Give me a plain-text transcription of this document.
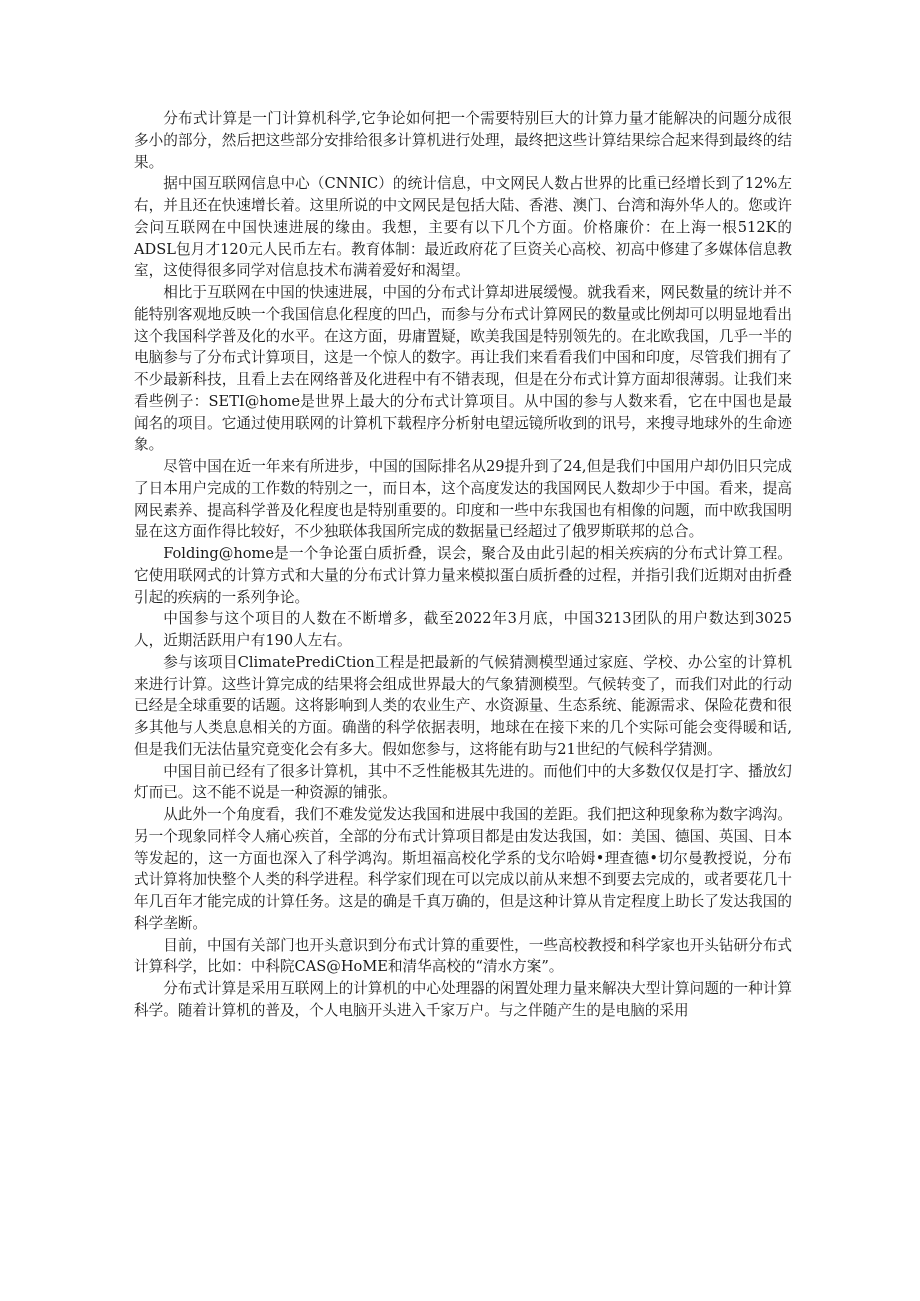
分布式计算是一门计算机科学,它争论如何把一个需要特别巨大的计算力量才能解决的问题分成很多小的部分，然后把这些部分安排给很多计算机进行处理，最终把这些计算结果综合起来得到最终的结果。

据中国互联网信息中心（CNNIC）的统计信息，中文网民人数占世界的比重已经增长到了12%左右，并且还在快速增长着。这里所说的中文网民是包括大陆、香港、澳门、台湾和海外华人的。您或许会问互联网在中国快速进展的缘由。我想，主要有以下几个方面。价格廉价：在上海一根512K的ADSL包月才120元人民币左右。教育体制：最近政府花了巨资关心高校、初高中修建了多媒体信息教室，这使得很多同学对信息技术布满着爱好和渴望。

相比于互联网在中国的快速进展，中国的分布式计算却进展缓慢。就我看来，网民数量的统计并不能特别客观地反映一个我国信息化程度的凹凸，而参与分布式计算网民的数量或比例却可以明显地看出这个我国科学普及化的水平。在这方面，毋庸置疑，欧美我国是特别领先的。在北欧我国，几乎一半的电脑参与了分布式计算项目，这是一个惊人的数字。再让我们来看看我们中国和印度，尽管我们拥有了不少最新科技，且看上去在网络普及化进程中有不错表现，但是在分布式计算方面却很薄弱。让我们来看些例子：SETI@home是世界上最大的分布式计算项目。从中国的参与人数来看，它在中国也是最闻名的项目。它通过使用联网的计算机下载程序分析射电望远镜所收到的讯号，来搜寻地球外的生命迹象。

尽管中国在近一年来有所进步，中国的国际排名从29提升到了24,但是我们中国用户却仍旧只完成了日本用户完成的工作数的特别之一，而日本，这个高度发达的我国网民人数却少于中国。看来，提高网民素养、提高科学普及化程度也是特别重要的。印度和一些中东我国也有相像的问题，而中欧我国明显在这方面作得比较好，不少独联体我国所完成的数据量已经超过了俄罗斯联邦的总合。

Folding@home是一个争论蛋白质折叠，误会，聚合及由此引起的相关疾病的分布式计算工程。它使用联网式的计算方式和大量的分布式计算力量来模拟蛋白质折叠的过程，并指引我们近期对由折叠引起的疾病的一系列争论。

中国参与这个项目的人数在不断增多，截至2022年3月底，中国3213团队的用户数达到3025人，近期活跃用户有190人左右。

参与该项目ClimatePrediCtion工程是把最新的气候猜测模型通过家庭、学校、办公室的计算机来进行计算。这些计算完成的结果将会组成世界最大的气象猜测模型。气候转变了，而我们对此的行动已经是全球重要的话题。这将影响到人类的农业生产、水资源量、生态系统、能源需求、保险花费和很多其他与人类息息相关的方面。确凿的科学依据表明，地球在在接下来的几个实际可能会变得暖和话,但是我们无法估量究竟变化会有多大。假如您参与，这将能有助与21世纪的气候科学猜测。

中国目前已经有了很多计算机，其中不乏性能极其先进的。而他们中的大多数仅仅是打字、播放幻灯而已。这不能不说是一种资源的铺张。

从此外一个角度看，我们不难发觉发达我国和进展中我国的差距。我们把这种现象称为数字鸿沟。另一个现象同样令人痛心疾首，全部的分布式计算项目都是由发达我国，如：美国、德国、英国、日本等发起的，这一方面也深入了科学鸿沟。斯坦福高校化学系的戈尔哈姆•理查德•切尔曼教授说，分布式计算将加快整个人类的科学进程。科学家们现在可以完成以前从来想不到要去完成的，或者要花几十年几百年才能完成的计算任务。这是的确是千真万确的，但是这种计算从肯定程度上助长了发达我国的科学垄断。

目前，中国有关部门也开头意识到分布式计算的重要性，一些高校教授和科学家也开头钻研分布式计算科学，比如：中科院CAS@HoME和清华高校的“清水方案”。

分布式计算是采用互联网上的计算机的中心处理器的闲置处理力量来解决大型计算问题的一种计算科学。随着计算机的普及，个人电脑开头进入千家万户。与之伴随产生的是电脑的采用
